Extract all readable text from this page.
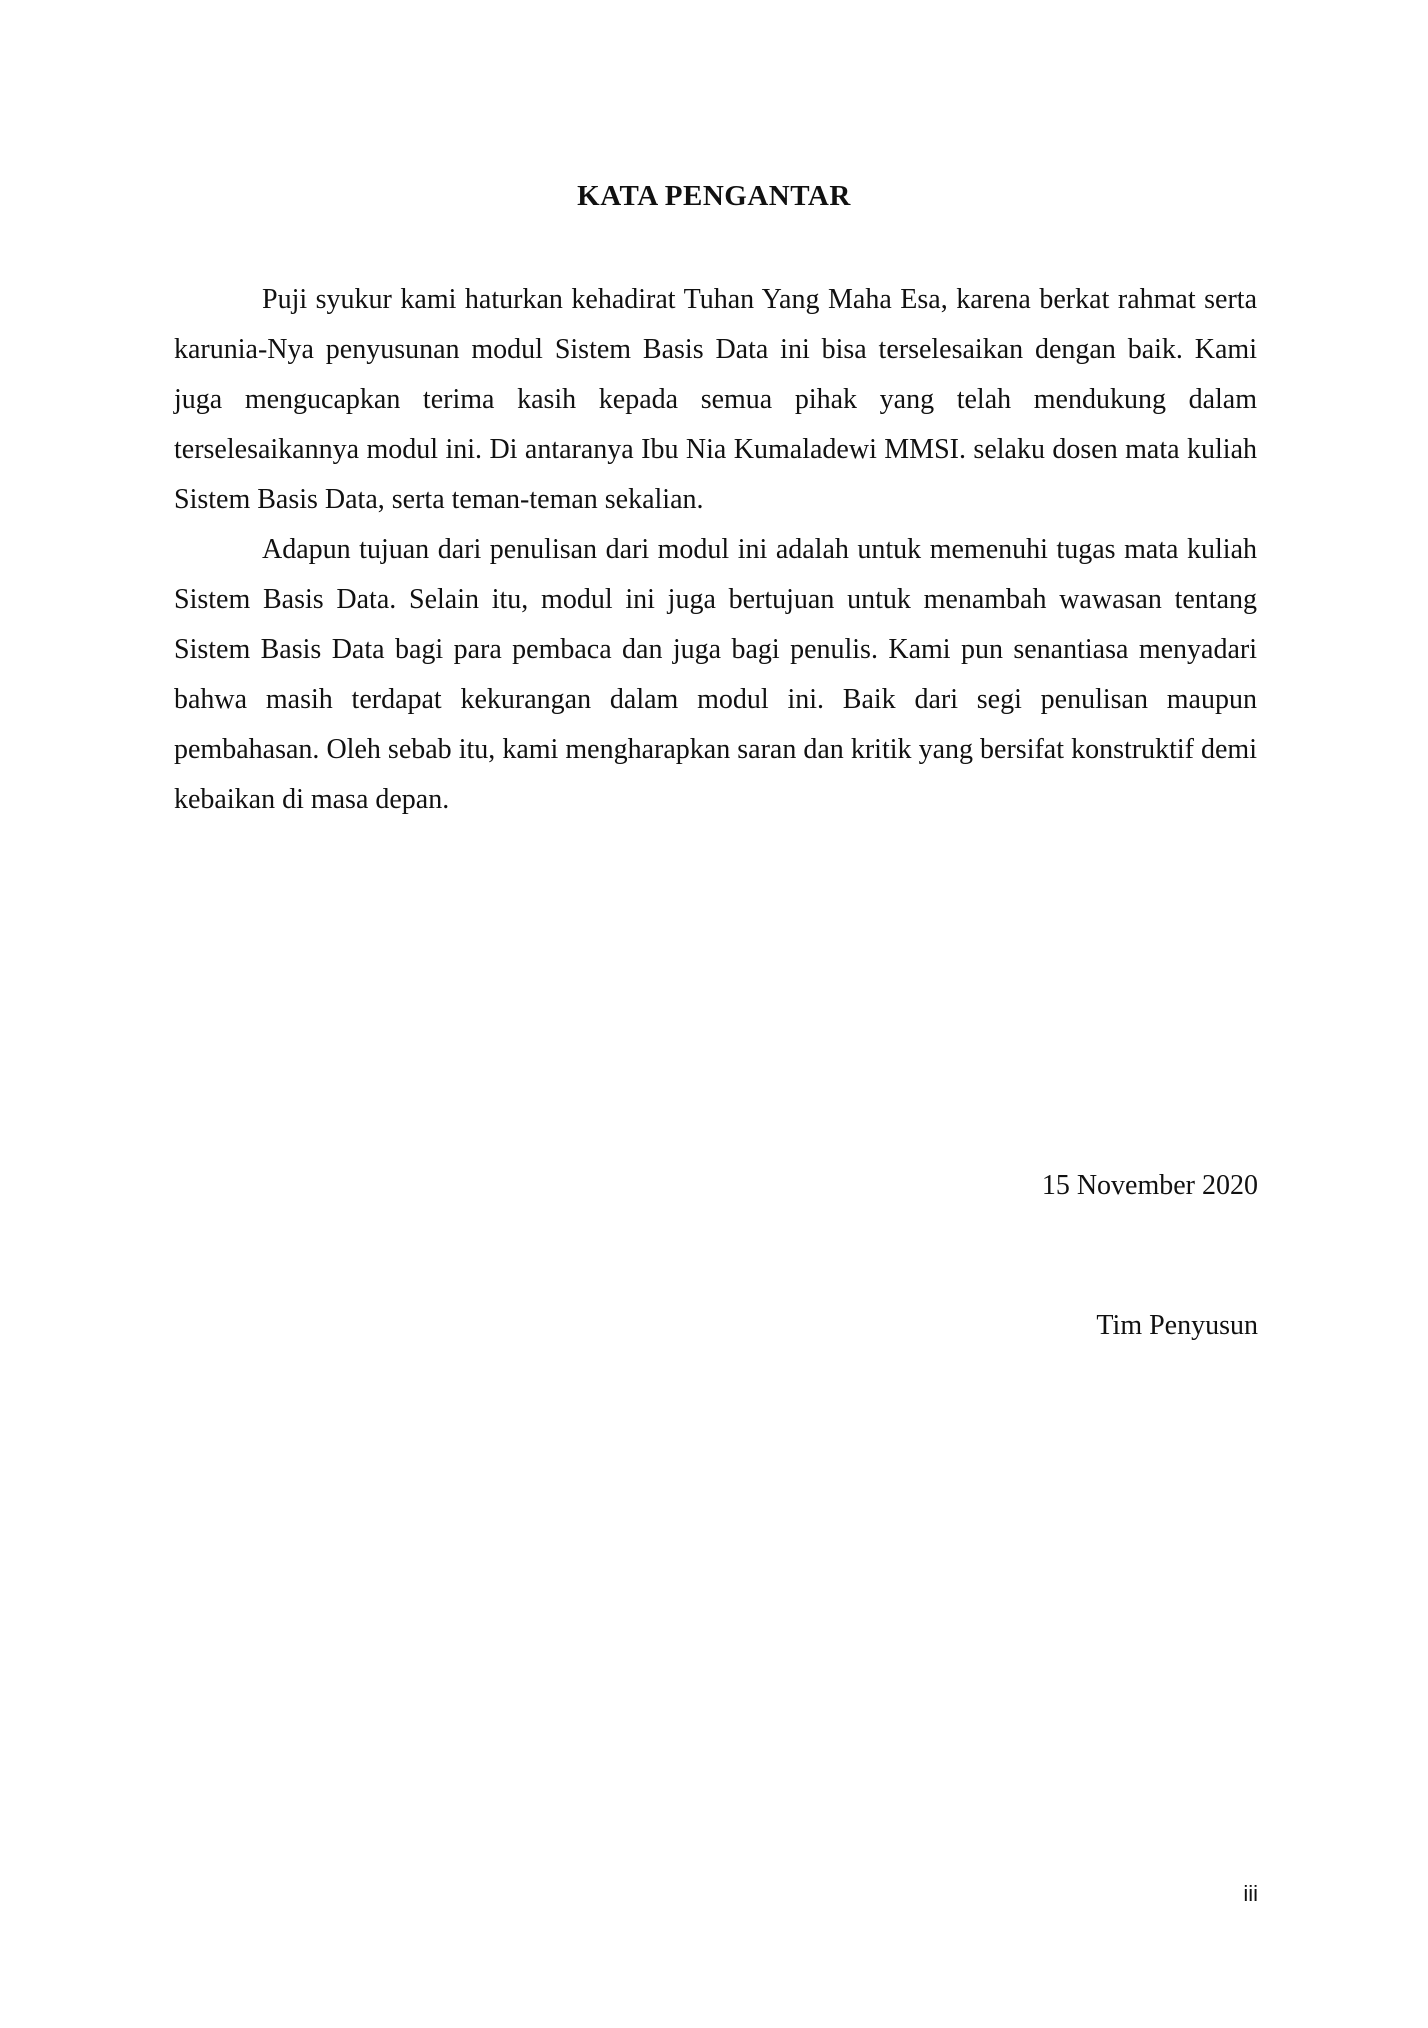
KATA PENGANTAR

Puji syukur kami haturkan kehadirat Tuhan Yang Maha Esa, karena berkat rahmat serta karunia-Nya penyusunan modul Sistem Basis Data ini bisa terselesaikan dengan baik. Kami juga mengucapkan terima kasih kepada semua pihak yang telah mendukung dalam terselesaikannya modul ini. Di antaranya Ibu Nia Kumaladewi MMSI. selaku dosen mata kuliah Sistem Basis Data, serta teman-teman sekalian.

Adapun tujuan dari penulisan dari modul ini adalah untuk memenuhi tugas mata kuliah Sistem Basis Data. Selain itu, modul ini juga bertujuan untuk menambah wawasan tentang Sistem Basis Data bagi para pembaca dan juga bagi penulis. Kami pun senantiasa menyadari bahwa masih terdapat kekurangan dalam modul ini. Baik dari segi penulisan maupun pembahasan. Oleh sebab itu, kami mengharapkan saran dan kritik yang bersifat konstruktif demi kebaikan di masa depan.

15 November 2020
Tim Penyusun
iii
